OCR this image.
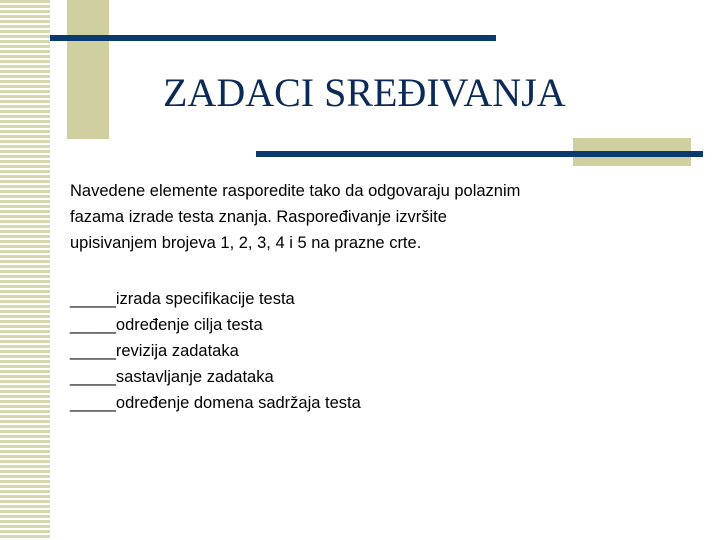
ZADACI SREĐIVANJA

Navedene elemente rasporedite tako da odgovaraju polaznim
fazama izrade testa znanja. Raspoređivanje izvršite
upisivanjem brojeva 1, 2, 3, 4 i 5 na prazne crte.

_____izrada specifikacije testa
_____određenje cilja testa
_____revizija zadataka
_____sastavljanje zadataka
_____određenje domena sadržaja testa
